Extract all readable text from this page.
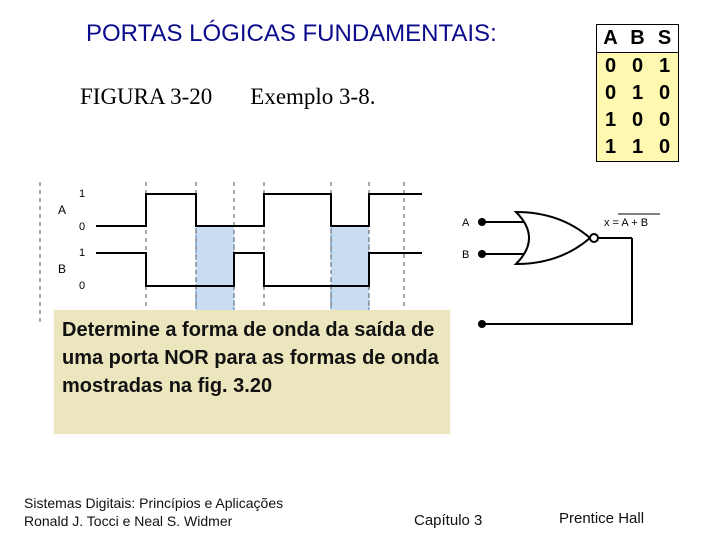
PORTAS LÓGICAS FUNDAMENTAIS:
FIGURA 3-20 Exemplo 3-8.
A	B	S
0	0	1
0	1	0
1	0	0
1	1	0
A
B
1
0
1
0
A
B
x = A + B
Determine a forma de onda da saída de uma porta NOR para as formas de onda mostradas na fig. 3.20
Sistemas Digitais: Princípios e Aplicações
Ronald J. Tocci e Neal S. Widmer	Capítulo 3	Prentice Hall
